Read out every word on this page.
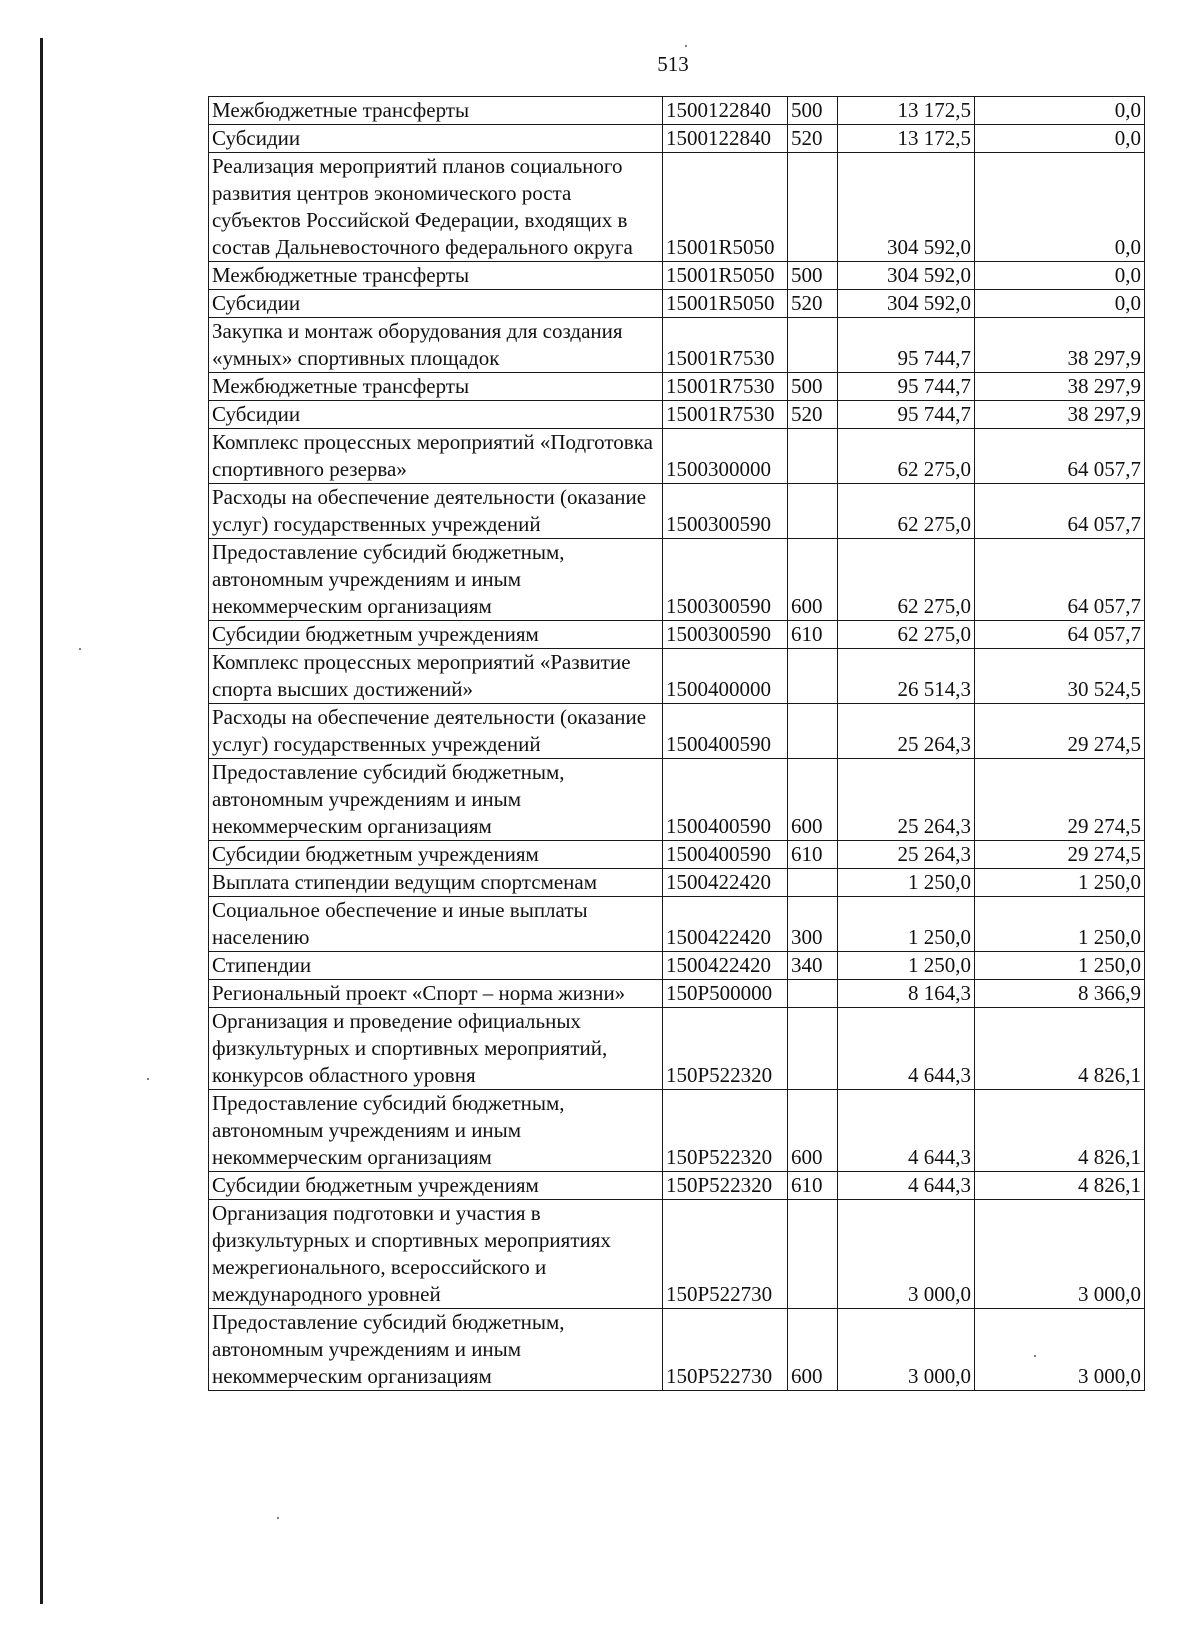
513
Межбюджетные трансферты	1500122840	500	13 172,5	0,0
Субсидии	1500122840	520	13 172,5	0,0
Реализация мероприятий планов социального развития центров экономического роста субъектов Российской Федерации, входящих в состав Дальневосточного федерального округа	15001R5050		304 592,0	0,0
Межбюджетные трансферты	15001R5050	500	304 592,0	0,0
Субсидии	15001R5050	520	304 592,0	0,0
Закупка и монтаж оборудования для создания «умных» спортивных площадок	15001R7530		95 744,7	38 297,9
Межбюджетные трансферты	15001R7530	500	95 744,7	38 297,9
Субсидии	15001R7530	520	95 744,7	38 297,9
Комплекс процессных мероприятий «Подготовка спортивного резерва»	1500300000		62 275,0	64 057,7
Расходы на обеспечение деятельности (оказание услуг) государственных учреждений	1500300590		62 275,0	64 057,7
Предоставление субсидий бюджетным, автономным учреждениям и иным некоммерческим организациям	1500300590	600	62 275,0	64 057,7
Субсидии бюджетным учреждениям	1500300590	610	62 275,0	64 057,7
Комплекс процессных мероприятий «Развитие спорта высших достижений»	1500400000		26 514,3	30 524,5
Расходы на обеспечение деятельности (оказание услуг) государственных учреждений	1500400590		25 264,3	29 274,5
Предоставление субсидий бюджетным, автономным учреждениям и иным некоммерческим организациям	1500400590	600	25 264,3	29 274,5
Субсидии бюджетным учреждениям	1500400590	610	25 264,3	29 274,5
Выплата стипендии ведущим спортсменам	1500422420		1 250,0	1 250,0
Социальное обеспечение и иные выплаты населению	1500422420	300	1 250,0	1 250,0
Стипендии	1500422420	340	1 250,0	1 250,0
Региональный проект «Спорт – норма жизни»	150P500000		8 164,3	8 366,9
Организация и проведение официальных физкультурных и спортивных мероприятий, конкурсов областного уровня	150P522320		4 644,3	4 826,1
Предоставление субсидий бюджетным, автономным учреждениям и иным некоммерческим организациям	150P522320	600	4 644,3	4 826,1
Субсидии бюджетным учреждениям	150P522320	610	4 644,3	4 826,1
Организация подготовки и участия в физкультурных и спортивных мероприятиях межрегионального, всероссийского и международного уровней	150P522730		3 000,0	3 000,0
Предоставление субсидий бюджетным, автономным учреждениям и иным некоммерческим организациям	150P522730	600	3 000,0	3 000,0
